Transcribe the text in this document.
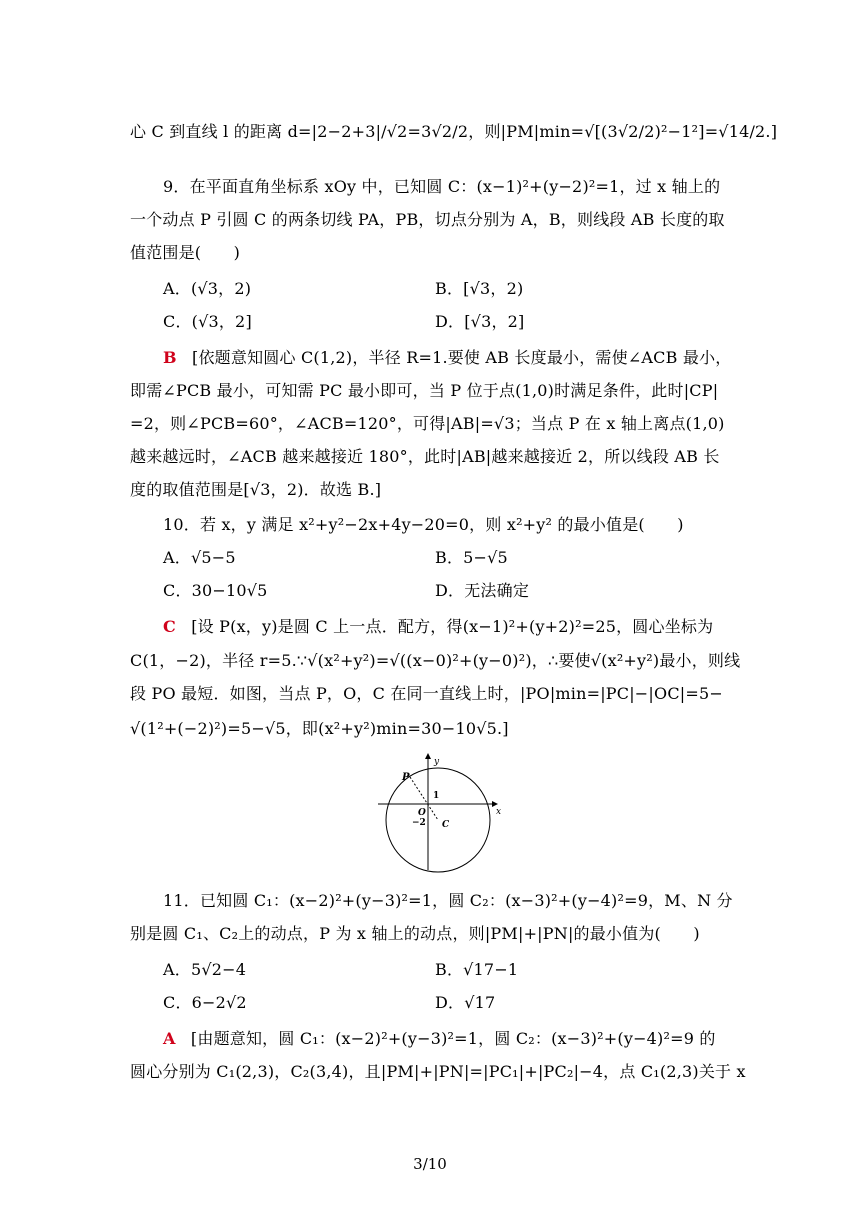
心 C 到直线 l 的距离 d=|2−2+3|/√2=3√2/2，则|PM|min=√[(3√2/2)²−1²]=√14/2.]
9．在平面直角坐标系 xOy 中，已知圆 C：(x−1)²+(y−2)²=1，过 x 轴上的
一个动点 P 引圆 C 的两条切线 PA，PB，切点分别为 A，B，则线段 AB 长度的取
值范围是(　　)
A．(√3，2)	B．[√3，2)
C．(√3，2]	D．[√3，2]
B [依题意知圆心 C(1,2)，半径 R=1.要使 AB 长度最小，需使∠ACB 最小，
即需∠PCB 最小，可知需 PC 最小即可，当 P 位于点(1,0)时满足条件，此时|CP|
=2，则∠PCB=60°，∠ACB=120°，可得|AB|=√3；当点 P 在 x 轴上离点(1,0)
越来越远时，∠ACB 越来越接近 180°，此时|AB|越来越接近 2，所以线段 AB 长
度的取值范围是[√3，2)．故选 B.]
10．若 x，y 满足 x²+y²−2x+4y−20=0，则 x²+y² 的最小值是(　　)
A．√5−5	B．5−√5
C．30−10√5	D．无法确定
C [设 P(x，y)是圆 C 上一点．配方，得(x−1)²+(y+2)²=25，圆心坐标为
C(1，−2)，半径 r=5.∵√(x²+y²)=√((x−0)²+(y−0)²)，∴要使√(x²+y²)最小，则线
段 PO 最短．如图，当点 P，O，C 在同一直线上时，|PO|min=|PC|−|OC|=5−
√(1²+(−2)²)=5−√5，即(x²+y²)min=30−10√5.]
y
x
P
O
1
−2 C
11．已知圆 C₁：(x−2)²+(y−3)²=1，圆 C₂：(x−3)²+(y−4)²=9，M、N 分
别是圆 C₁、C₂上的动点，P 为 x 轴上的动点，则|PM|+|PN|的最小值为(　　)
A．5√2−4	B．√17−1
C．6−2√2	D．√17
A [由题意知，圆 C₁：(x−2)²+(y−3)²=1，圆 C₂：(x−3)²+(y−4)²=9 的
圆心分别为 C₁(2,3)，C₂(3,4)，且|PM|+|PN|=|PC₁|+|PC₂|−4，点 C₁(2,3)关于 x
3/10
